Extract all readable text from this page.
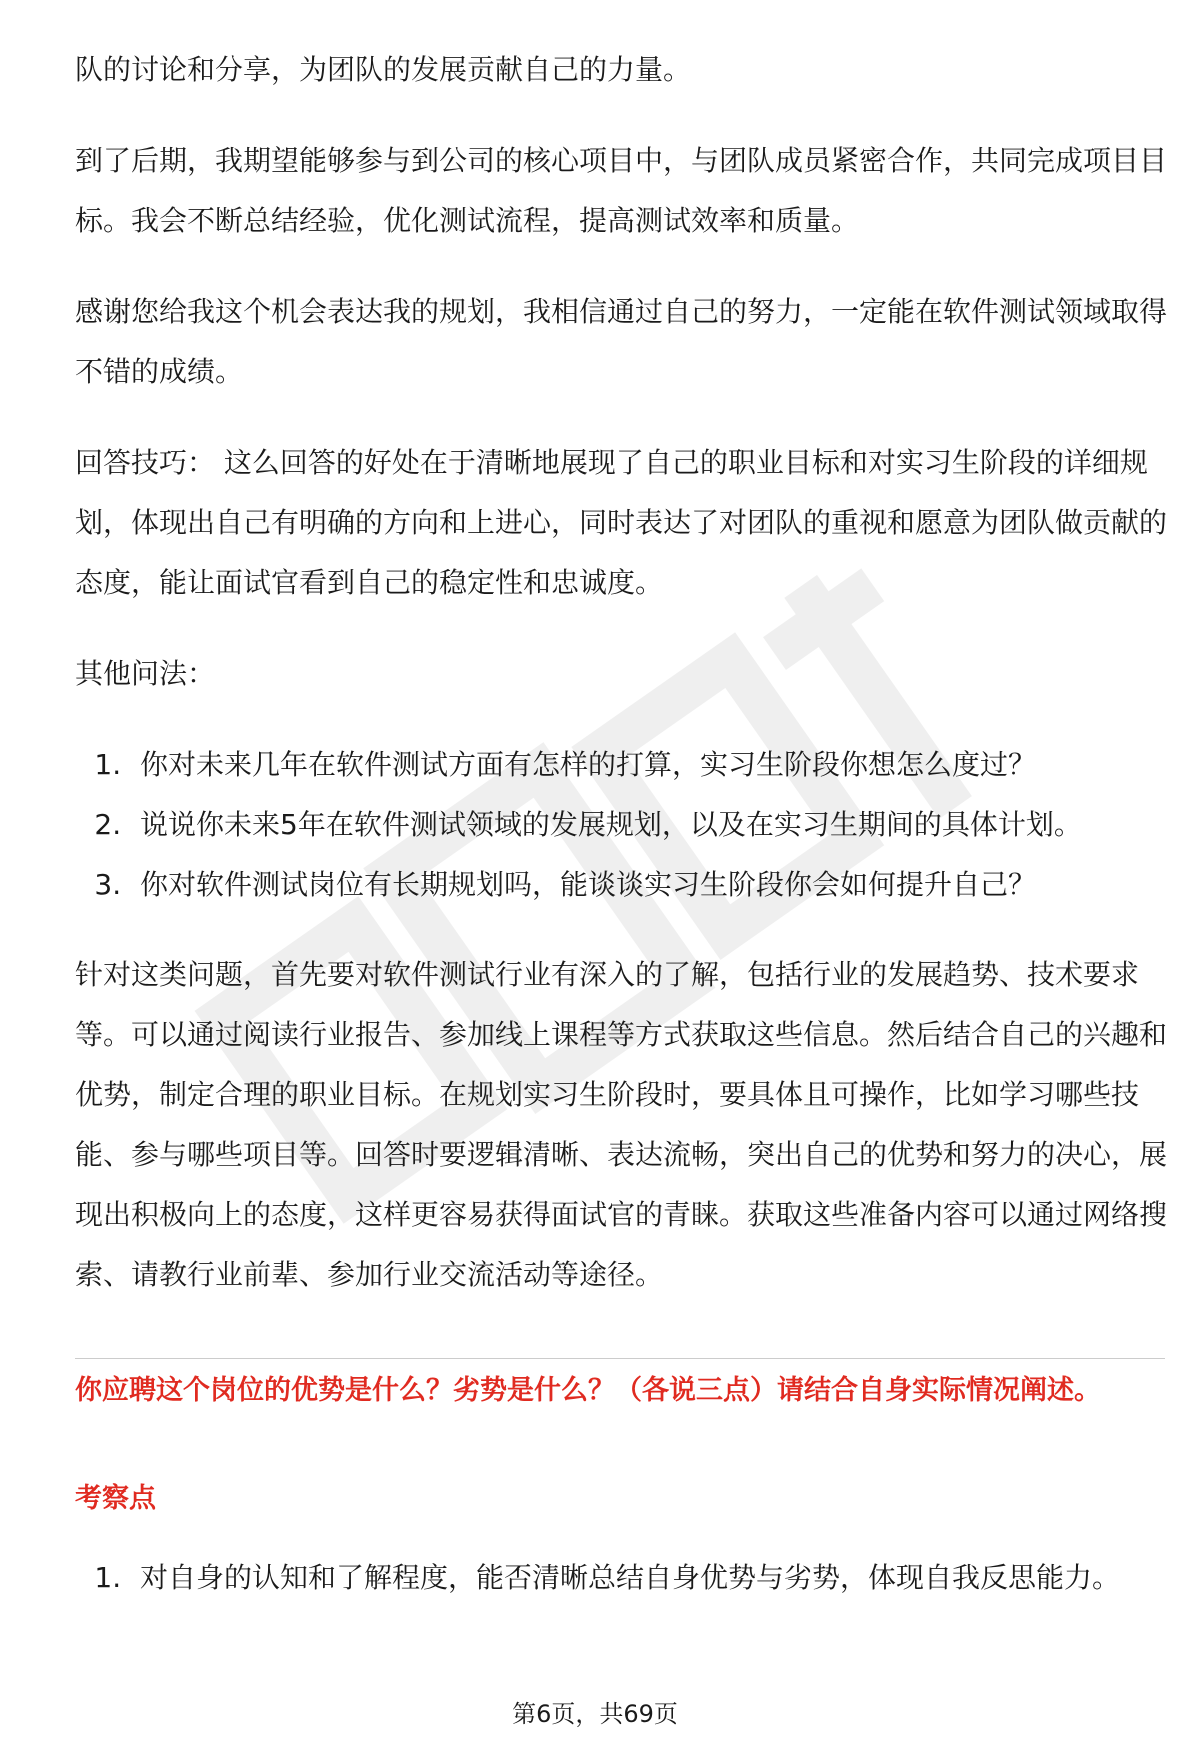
队的讨论和分享，为团队的发展贡献自己的力量。

到了后期，我期望能够参与到公司的核心项目中，与团队成员紧密合作，共同完成项目目标。我会不断总结经验，优化测试流程，提高测试效率和质量。

感谢您给我这个机会表达我的规划，我相信通过自己的努力，一定能在软件测试领域取得不错的成绩。

回答技巧： 这么回答的好处在于清晰地展现了自己的职业目标和对实习生阶段的详细规划，体现出自己有明确的方向和上进心，同时表达了对团队的重视和愿意为团队做贡献的态度，能让面试官看到自己的稳定性和忠诚度。

其他问法：

1. 你对未来几年在软件测试方面有怎样的打算，实习生阶段你想怎么度过？
2. 说说你未来5年在软件测试领域的发展规划，以及在实习生期间的具体计划。
3. 你对软件测试岗位有长期规划吗，能谈谈实习生阶段你会如何提升自己？

针对这类问题，首先要对软件测试行业有深入的了解，包括行业的发展趋势、技术要求等。可以通过阅读行业报告、参加线上课程等方式获取这些信息。然后结合自己的兴趣和优势，制定合理的职业目标。在规划实习生阶段时，要具体且可操作，比如学习哪些技能、参与哪些项目等。回答时要逻辑清晰、表达流畅，突出自己的优势和努力的决心，展现出积极向上的态度，这样更容易获得面试官的青睐。获取这些准备内容可以通过网络搜索、请教行业前辈、参加行业交流活动等途径。

你应聘这个岗位的优势是什么？劣势是什么？（各说三点）请结合自身实际情况阐述。
考察点
1. 对自身的认知和了解程度，能否清晰总结自身优势与劣势，体现自我反思能力。
第6页，共69页
